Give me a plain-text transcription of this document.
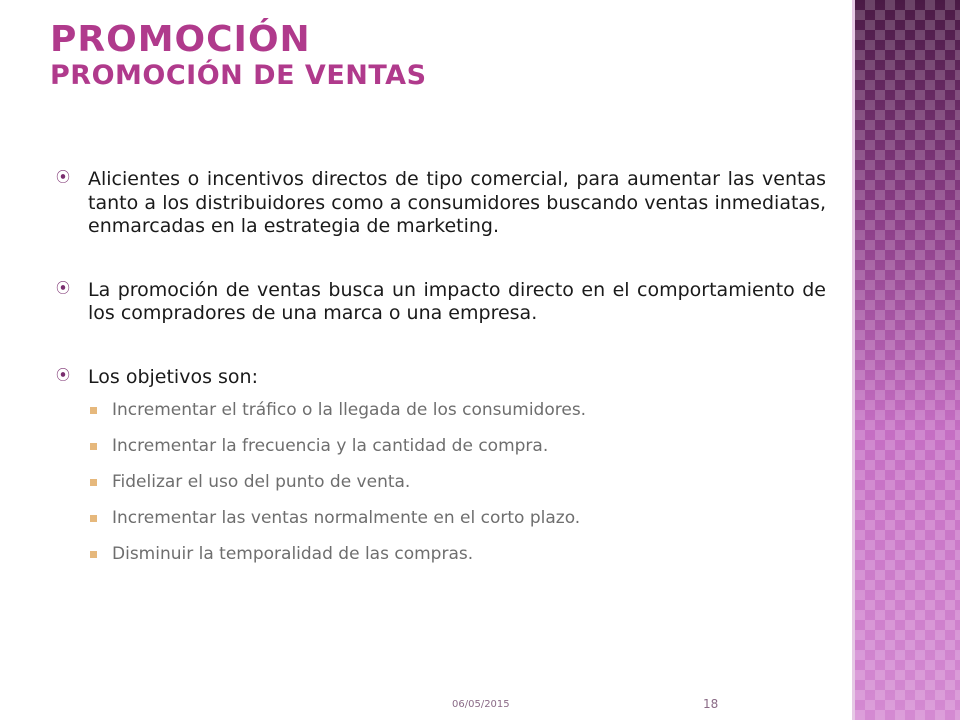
PROMOCIÓN
PROMOCIÓN DE VENTAS
⦿ Alicientes o incentivos directos de tipo comercial, para aumentar las ventas tanto a los distribuidores como a consumidores buscando ventas inmediatas, enmarcadas en la estrategia de marketing.
⦿ La promoción de ventas busca un impacto directo en el comportamiento de los compradores de una marca o una empresa.
⦿ Los objetivos son:
Incrementar el tráfico o la llegada de los consumidores.
Incrementar la frecuencia y la cantidad de compra.
Fidelizar el uso del punto de venta.
Incrementar las ventas normalmente en el corto plazo.
Disminuir la temporalidad de las compras.
06/05/2015	18
